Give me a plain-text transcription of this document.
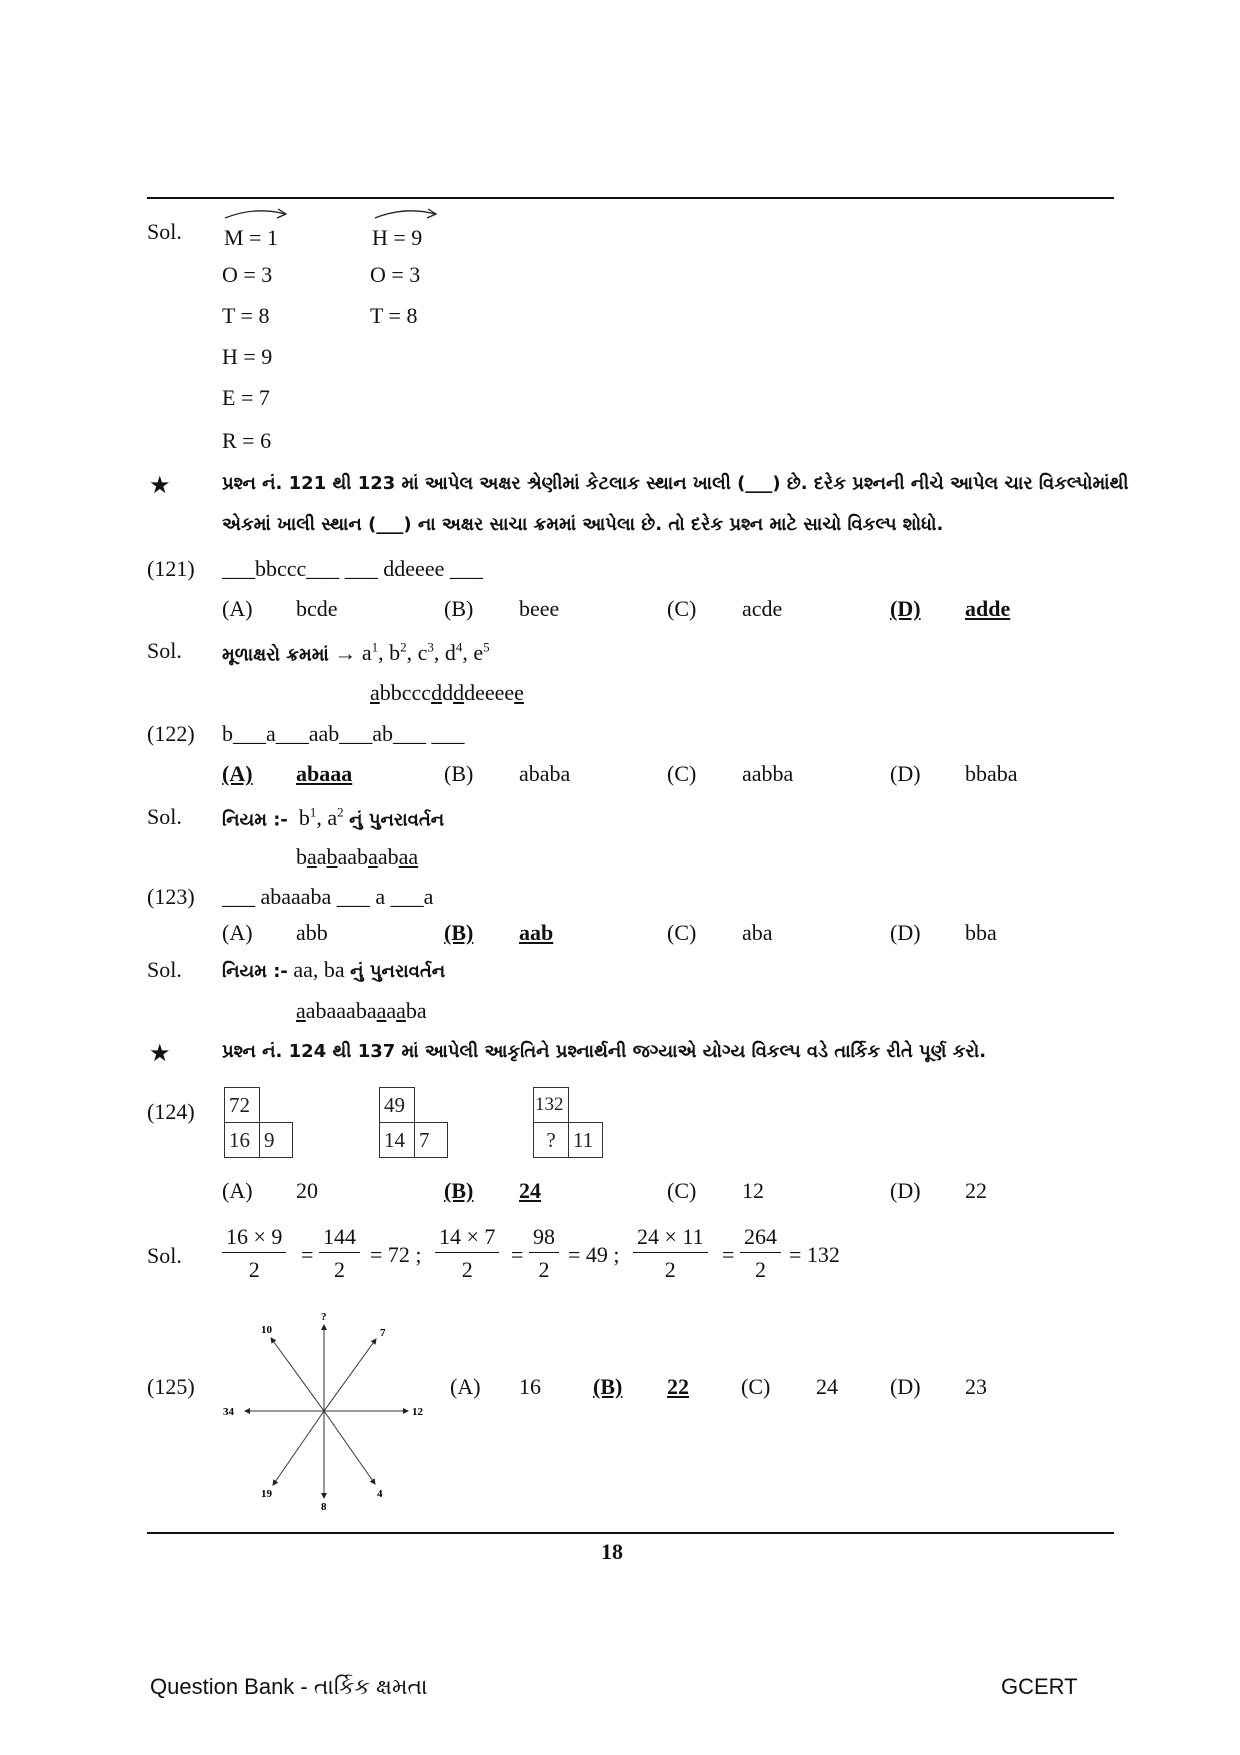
Sol. M = 1
O = 3
T = 8
H = 9
E = 7
R = 6
H = 9
O = 3
T = 8
★	પ્રશ્ન નં. 121 થી 123 માં આપેલ અક્ષર શ્રેણીમાં કેટલાક સ્થાન ખાલી (___) છે. દરેક પ્રશ્નની નીચે આપેલ ચાર વિકલ્પોમાંથી
એકમાં ખાલી સ્થાન (___) ના અક્ષર સાચા ક્રમમાં આપેલા છે. તો દરેક પ્રશ્ન માટે સાચો વિકલ્પ શોધો.
(121) ___bbccc___ ___ ddeeee ___
(A) bcde	(B) beee	(C) acde	(D) adde
Sol. મૂળાક્ષરો ક્રમમાં → $a^1$, $b^2$, $c^3$, $d^4$, $e^5$
abbcccddddeeeee
(122) b___a___aab___ab___ ___
(A) abaaa	(B) ababa	(C) aabba	(D) bbaba
Sol. નિયમ :-  $b^1$, $a^2$ નું પુનરાવર્તન
baabaabaabaa
(123) ___ abaaaba ___ a ___a
(A) abb	(B) aab	(C) aba	(D) bba
Sol. નિયમ :- aa, ba નું પુનરાવર્તન
aabaaabaaaaba
★	પ્રશ્ન નં. 124 થી 137 માં આપેલી આકૃતિને પ્રશ્નાર્થની જગ્યાએ યોગ્ય વિકલ્પ વડે તાર્કિક રીતે પૂર્ણ કરો.
(124) 72
16 9
49
14 7
132
? 11
(A) 20	(B) 24	(C) 12	(D) 22
Sol. $\frac{16 \times 9}{2} = \frac{144}{2} = 72$ ; $\frac{14 \times 7}{2} = \frac{98}{2} = 49$ ; $\frac{24 \times 11}{2} = \frac{264}{2} = 132$
(125)
?
7
12
4
8
19
34
10
(A) 16 (B) 22 (C) 24 (D) 23
18
Question Bank - તાર્કિક ક્ષમતા	GCERT
